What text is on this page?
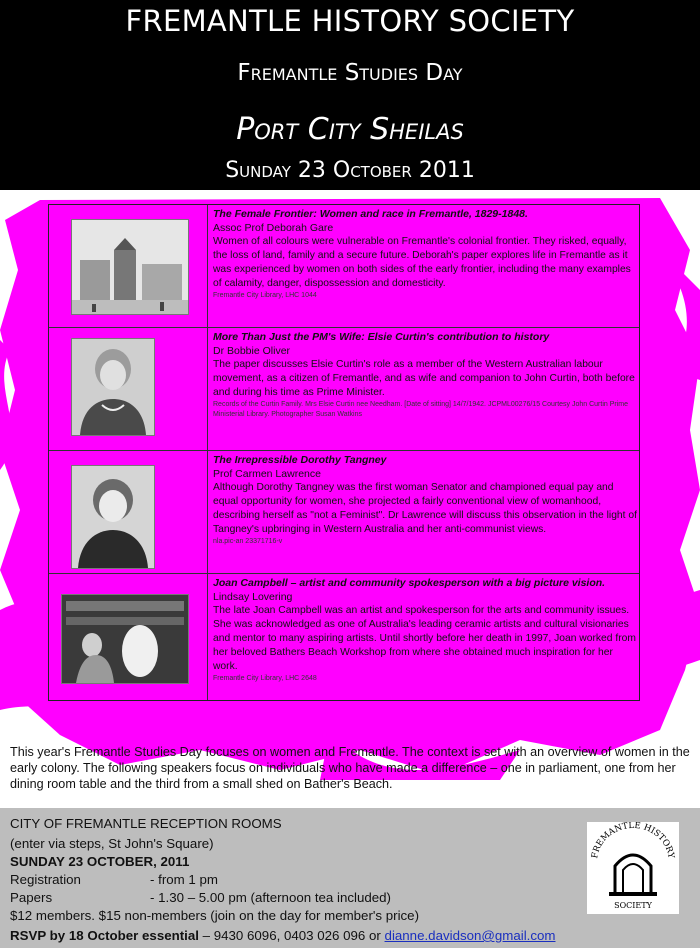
FREMANTLE HISTORY SOCIETY
Fremantle Studies Day
Port City Sheilas
Sunday 23 October 2011
The Female Frontier: Women and race in Fremantle, 1829-1848.
Assoc Prof Deborah Gare
Women of all colours were vulnerable on Fremantle's colonial frontier. They risked, equally, the loss of land, family and a secure future. Deborah's paper explores life in Fremantle as it was experienced by women on both sides of the early frontier, including the many examples of calamity, danger, dispossession and domesticity.
Fremantle City Library, LHC 1044
More Than Just the PM's Wife: Elsie Curtin's contribution to history
Dr Bobbie Oliver
The paper discusses Elsie Curtin's role as a member of the Western Australian labour movement, as a citizen of Fremantle, and as wife and companion to John Curtin, both before and during his time as Prime Minister.
Records of the Curtin Family. Mrs Elsie Curtin nee Needham. [Date of sitting] 14/7/1942. JCPML00276/15 Courtesy John Curtin Prime Ministerial Library. Photographer Susan Watkins
The Irrepressible Dorothy Tangney
Prof Carmen Lawrence
Although Dorothy Tangney was the first woman Senator and championed equal pay and equal opportunity for women, she projected a fairly conventional view of womanhood, describing herself as "not a Feminist". Dr Lawrence will discuss this observation in the light of Tangney's upbringing in Western Australia and her anti-communist views.
nla.pic-an 23371716-v
Joan Campbell – artist and community spokesperson with a big picture vision.
Lindsay Lovering
The late Joan Campbell was an artist and spokesperson for the arts and community issues. She was acknowledged as one of Australia's leading ceramic artists and cultural visionaries and mentor to many aspiring artists. Until shortly before her death in 1997, Joan worked from her beloved Bathers Beach Workshop from where she obtained much inspiration for her work.
Fremantle City Library, LHC 2648
This year's Fremantle Studies Day focuses on women and Fremantle. The context is set with an overview of women in the early colony. The following speakers focus on individuals who have made a difference – one in parliament, one from her dining room table and the third from a small shed on Bather's Beach.
CITY OF FREMANTLE RECEPTION ROOMS
(enter via steps, St John's Square)
SUNDAY 23 OCTOBER, 2011
Registration	- from 1 pm
Papers	- 1.30 – 5.00 pm (afternoon tea included)
$12 members. $15 non-members (join on the day for member's price)
RSVP by 18 October essential – 9430 6096, 0403 026 096 or dianne.davidson@gmail.com
FREMANTLE HISTORY
SOCIETY
